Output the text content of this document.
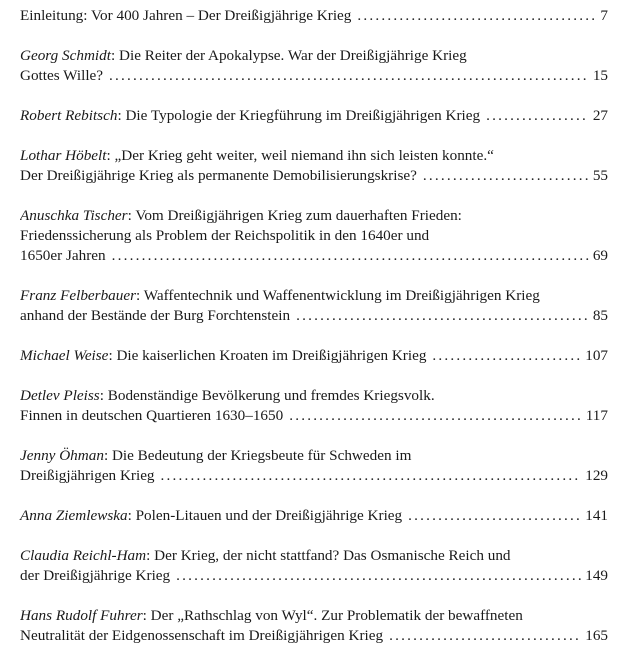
Einleitung: Vor 400 Jahren – Der Dreißigjährige Krieg .....	7
Georg Schmidt: Die Reiter der Apokalypse. War der Dreißigjährige Krieg
Gottes Wille? .....	15
Robert Rebitsch: Die Typologie der Kriegführung im Dreißigjährigen Krieg .....	27
Lothar Höbelt: „Der Krieg geht weiter, weil niemand ihn sich leisten konnte.“
Der Dreißigjährige Krieg als permanente Demobilisierungskrise? .....	55
Anuschka Tischer: Vom Dreißigjährigen Krieg zum dauerhaften Frieden:
Friedenssicherung als Problem der Reichspolitik in den 1640er und
1650er Jahren .....	69
Franz Felberbauer: Waffentechnik und Waffenentwicklung im Dreißigjährigen Krieg
anhand der Bestände der Burg Forchtenstein .....	85
Michael Weise: Die kaiserlichen Kroaten im Dreißigjährigen Krieg .....	107
Detlev Pleiss: Bodenständige Bevölkerung und fremdes Kriegsvolk.
Finnen in deutschen Quartieren 1630–1650 .....	117
Jenny Öhman: Die Bedeutung der Kriegsbeute für Schweden im
Dreißigjährigen Krieg .....	129
Anna Ziemlewska: Polen-Litauen und der Dreißigjährige Krieg .....	141
Claudia Reichl-Ham: Der Krieg, der nicht stattfand? Das Osmanische Reich und
der Dreißigjährige Krieg .....	149
Hans Rudolf Fuhrer: Der „Rathschlag von Wyl“. Zur Problematik der bewaffneten
Neutralität der Eidgenossenschaft im Dreißigjährigen Krieg .....	165
